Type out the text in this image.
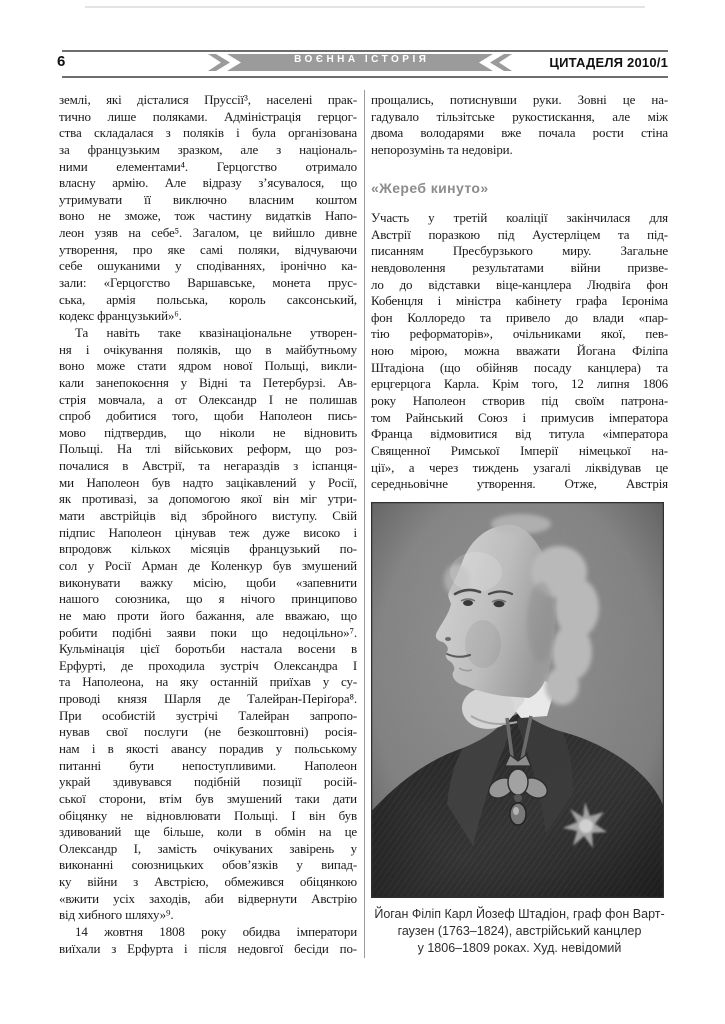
6	ВОЄННА ІСТОРІЯ	ЦИТАДЕЛЯ 2010/1
землі, які дісталися Пруссії³, населені прак-
тично лише поляками. Адміністрація герцог-
ства складалася з поляків і була організована
за французьким зразком, але з національ-
ними елементами⁴. Герцогство отримало
власну армію. Але відразу з’ясувалося, що
утримувати її виключно власним коштом
воно не зможе, тож частину видатків Напо-
леон узяв на себе⁵. Загалом, це вийшло дивне
утворення, про яке самі поляки, відчуваючи
себе ошуканими у сподіваннях, іронічно ка-
зали: «Герцогство Варшавське, монета прус-
ська, армія польська, король саксонський,
кодекс французький»⁶.
Та навіть таке квазінаціональне утворен-
ня і очікування поляків, що в майбутньому
воно може стати ядром нової Польщі, викли-
кали занепокоєння у Відні та Петербурзі. Ав-
стрія мовчала, а от Олександр І не полишав
спроб добитися того, щоби Наполеон пись-
мово підтвердив, що ніколи не відновить
Польщі. На тлі військових реформ, що роз-
почалися в Австрії, та негараздів з іспанця-
ми Наполеон був надто зацікавлений у Росії,
як противазі, за допомогою якої він міг утри-
мати австрійців від збройного виступу. Свій
підпис Наполеон цінував теж дуже високо і
впродовж кількох місяців французький по-
сол у Росії Арман де Коленкур був змушений
виконувати важку місію, щоби «запевнити
нашого союзника, що я нічого принципово
не маю проти його бажання, але вважаю, що
робити подібні заяви поки що недоцільно»⁷.
Кульмінація цієї боротьби настала восени в
Ерфурті, де проходила зустріч Олександра І
та Наполеона, на яку останній приїхав у су-
проводі князя Шарля де Талейран-Періґора⁸.
При особистій зустрічі Талейран запропо-
нував свої послуги (не безкоштовні) росія-
нам і в якості авансу порадив у польському
питанні бути непоступливими. Наполеон
украй здивувався подібній позиції росій-
ської сторони, втім був змушений таки дати
обіцянку не відновлювати Польщі. І він був
здивований ще більше, коли в обмін на це
Олександр І, замість очікуваних завірень у
виконанні союзницьких обов’язків у випад-
ку війни з Австрією, обмежився обіцянкою
«вжити усіх заходів, аби відвернути Австрію
від хибного шляху»⁹.
14 жовтня 1808 року обидва імператори
виїхали з Ерфурта і після недовгої бесіди по-
прощались, потиснувши руки. Зовні це на-
гадувало тільзітське рукостискання, але між
двома володарями вже почала рости стіна
непорозумінь та недовіри.
«Жереб кинуто»
Участь у третій коаліції закінчилася для
Австрії поразкою під Аустерліцем та під-
писанням Пресбурзького миру. Загальне
невдоволення результатами війни призве-
ло до відставки віце-канцлера Людвіґа фон
Кобенцля і міністра кабінету графа Ієроніма
фон Коллоредо та привело до влади «пар-
тію реформаторів», очільниками якої, пев-
ною мірою, можна вважати Йогана Філіпа
Штадіона (що обійняв посаду канцлера) та
ерцгерцога Карла. Крім того, 12 липня 1806
року Наполеон створив під своїм патрона-
том Райнський Союз і примусив імператора
Франца відмовитися від титула «імператора
Священної Римської Імперії німецької на-
ції», а через тиждень узагалі ліквідував це
середньовічне утворення. Отже, Австрія
Йоган Філіп Карл Йозеф Штадіон, граф фон Варт-
гаузен (1763–1824), австрійський канцлер
у 1806–1809 роках. Худ. невідомий
